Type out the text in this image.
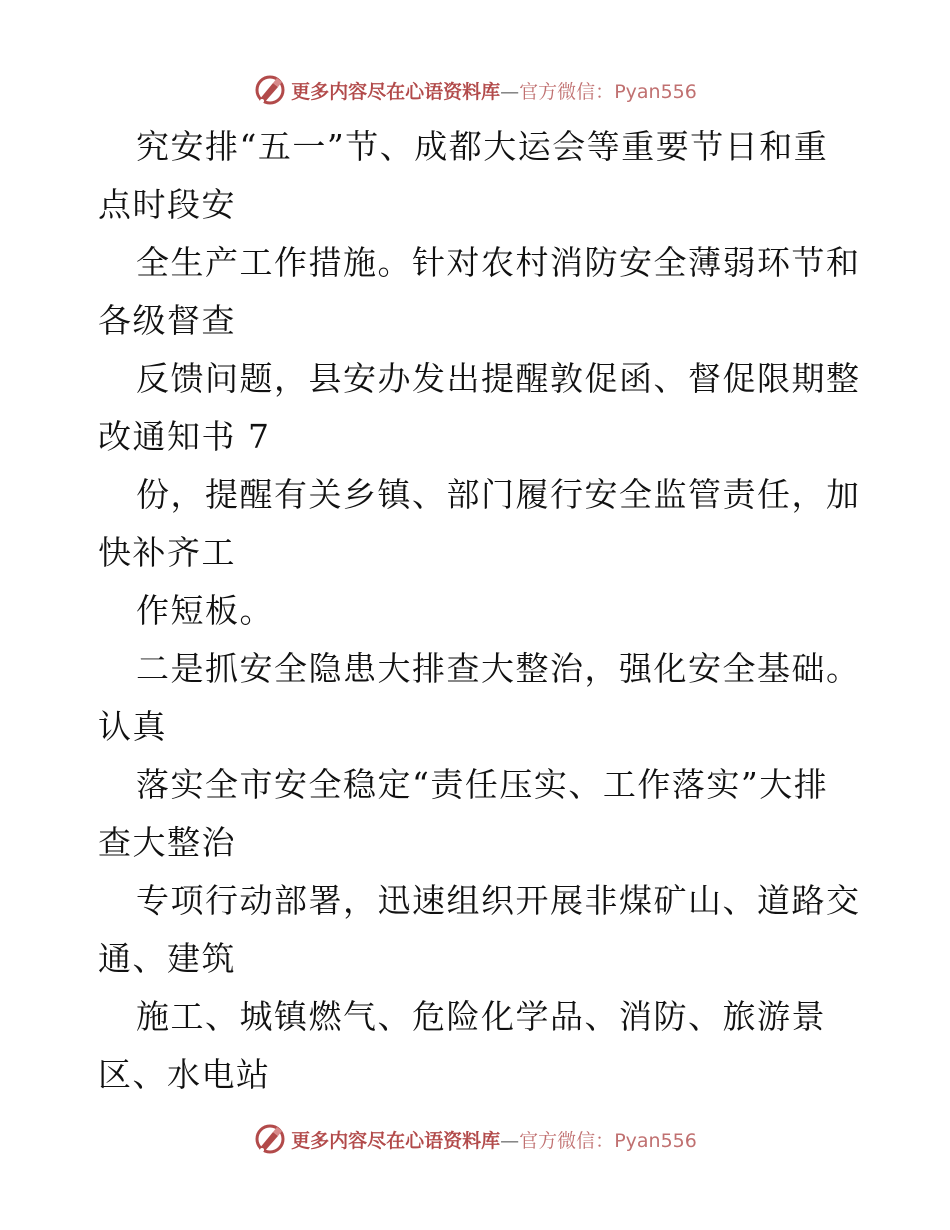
更多内容尽在心语资料库—官方微信：Pyan556
究安排“五一”节、成都大运会等重要节日和重
点时段安
全生产工作措施。针对农村消防安全薄弱环节和
各级督查
反馈问题，县安办发出提醒敦促函、督促限期整
改通知书 7
份，提醒有关乡镇、部门履行安全监管责任，加
快补齐工
作短板。
二是抓安全隐患大排查大整治，强化安全基础。
认真
落实全市安全稳定“责任压实、工作落实”大排
查大整治
专项行动部署，迅速组织开展非煤矿山、道路交
通、建筑
施工、城镇燃气、危险化学品、消防、旅游景
区、水电站
更多内容尽在心语资料库—官方微信：Pyan556
